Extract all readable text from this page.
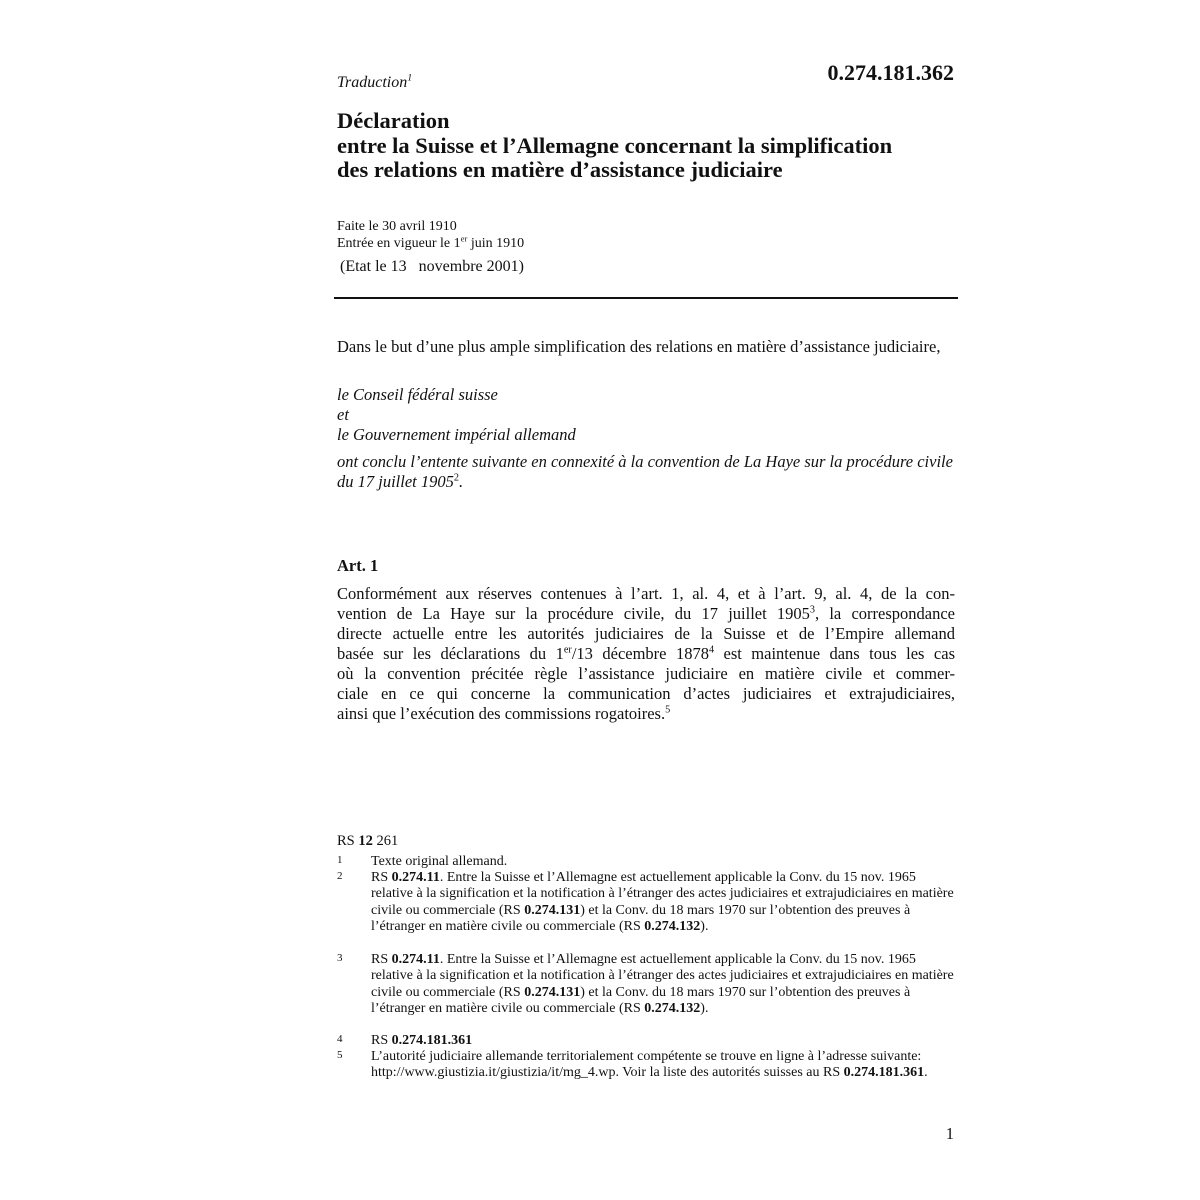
Traduction$^1$	0.274.181.362
Déclaration
entre la Suisse et l’Allemagne concernant la simplification
des relations en matière d’assistance judiciaire
Faite le 30 avril 1910
Entrée en vigueur le 1er juin 1910
(Etat le 13   novembre 2001)
Dans le but d’une plus ample simplification des relations en matière d’assistance judiciaire,
le Conseil fédéral suisse
et
le Gouvernement impérial allemand
ont conclu l’entente suivante en connexité à la convention de La Haye sur la procédure civile du 17 juillet 1905$^2$.
Art. 1
Conformément aux réserves contenues à l’art. 1, al. 4, et à l’art. 9, al. 4, de la con-
vention de La Haye sur la procédure civile, du 17 juillet 1905$^3$, la correspondance
directe actuelle entre les autorités judiciaires de la Suisse et de l’Empire allemand
basée sur les déclarations du 1er/13 décembre 1878$^4$ est maintenue dans tous les cas
où la convention précitée règle l’assistance judiciaire en matière civile et commer-
ciale en ce qui concerne la communication d’actes judiciaires et extrajudiciaires,
ainsi que l’exécution des commissions rogatoires.$^5$
RS 12 261
1 Texte original allemand.
2 RS 0.274.11. Entre la Suisse et l’Allemagne est actuellement applicable la Conv. du 15 nov. 1965 relative à la signification et la notification à l’étranger des actes judiciaires et extrajudiciaires en matière civile ou commerciale (RS 0.274.131) et la Conv. du 18 mars 1970 sur l’obtention des preuves à l’étranger en matière civile ou commerciale (RS 0.274.132).
3 RS 0.274.11. Entre la Suisse et l’Allemagne est actuellement applicable la Conv. du 15 nov. 1965 relative à la signification et la notification à l’étranger des actes judiciaires et extrajudiciaires en matière civile ou commerciale (RS 0.274.131) et la Conv. du 18 mars 1970 sur l’obtention des preuves à l’étranger en matière civile ou commerciale (RS 0.274.132).
4 RS 0.274.181.361
5 L’autorité judiciaire allemande territorialement compétente se trouve en ligne à l’adresse suivante: http://www.giustizia.it/giustizia/it/mg_4.wp. Voir la liste des autorités suisses au RS 0.274.181.361.
1
